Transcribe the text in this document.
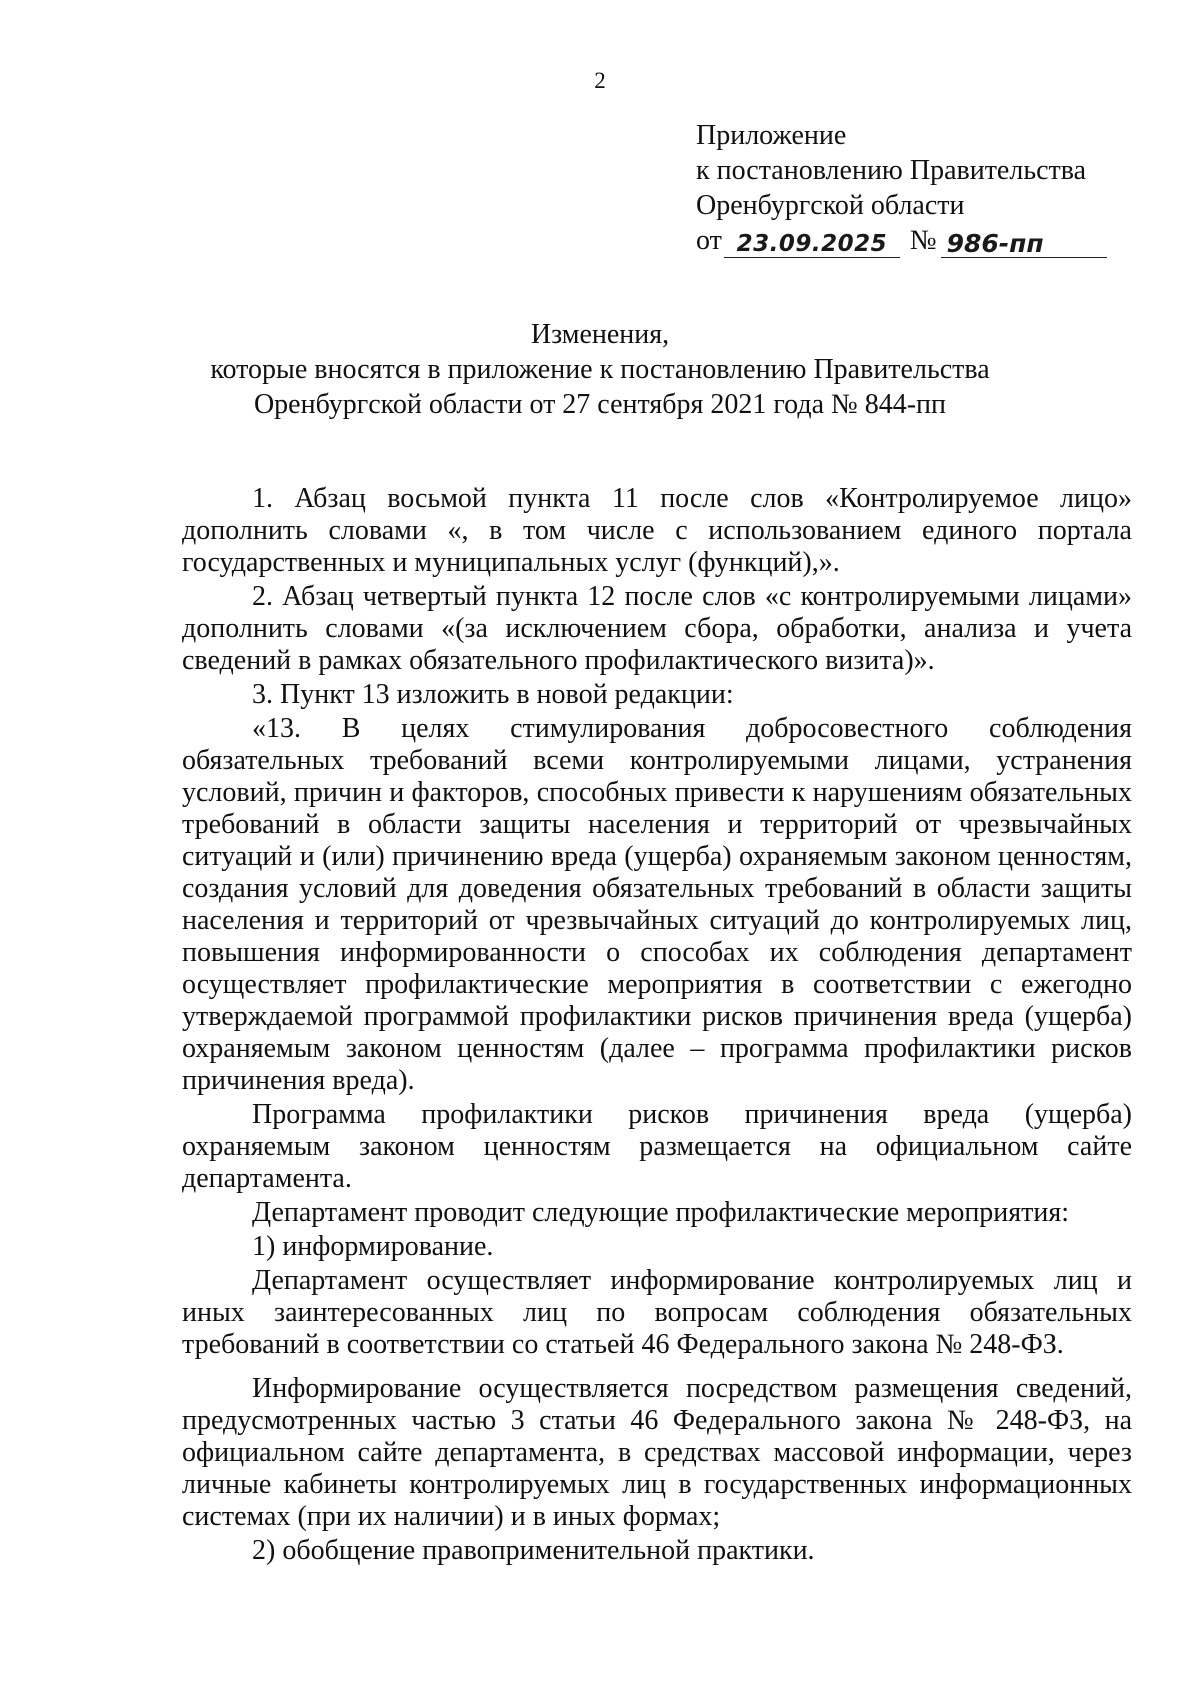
2
Приложение
к постановлению Правительства
Оренбургской области
от 23.09.2025 № 986-пп
Изменения,
которые вносятся в приложение к постановлению Правительства
Оренбургской области от 27 сентября 2021 года № 844-пп

1. Абзац восьмой пункта 11 после слов «Контролируемое лицо» дополнить словами «, в том числе с использованием единого портала государственных и муниципальных услуг (функций),».

2. Абзац четвертый пункта 12 после слов «с контролируемыми лицами» дополнить словами «(за исключением сбора, обработки, анализа и учета сведений в рамках обязательного профилактического визита)».

3. Пункт 13 изложить в новой редакции:

«13. В целях стимулирования добросовестного соблюдения обязательных требований всеми контролируемыми лицами, устранения условий, причин и факторов, способных привести к нарушениям обязательных требований в области защиты населения и территорий от чрезвычайных ситуаций и (или) причинению вреда (ущерба) охраняемым законом ценностям, создания условий для доведения обязательных требований в области защиты населения и территорий от чрезвычайных ситуаций до контролируемых лиц, повышения информированности о способах их соблюдения департамент осуществляет профилактические мероприятия в соответствии с ежегодно утверждаемой программой профилактики рисков причинения вреда (ущерба) охраняемым законом ценностям (далее – программа профилактики рисков причинения вреда).

Программа профилактики рисков причинения вреда (ущерба) охраняемым законом ценностям размещается на официальном сайте департамента.

Департамент проводит следующие профилактические мероприятия:

1) информирование.

Департамент осуществляет информирование контролируемых лиц и иных заинтересованных лиц по вопросам соблюдения обязательных требований в соответствии со статьей 46 Федерального закона № 248-ФЗ.

Информирование осуществляется посредством размещения сведений, предусмотренных частью 3 статьи 46 Федерального закона № 248-ФЗ, на официальном сайте департамента, в средствах массовой информации, через личные кабинеты контролируемых лиц в государственных информационных системах (при их наличии) и в иных формах;

2) обобщение правоприменительной практики.
